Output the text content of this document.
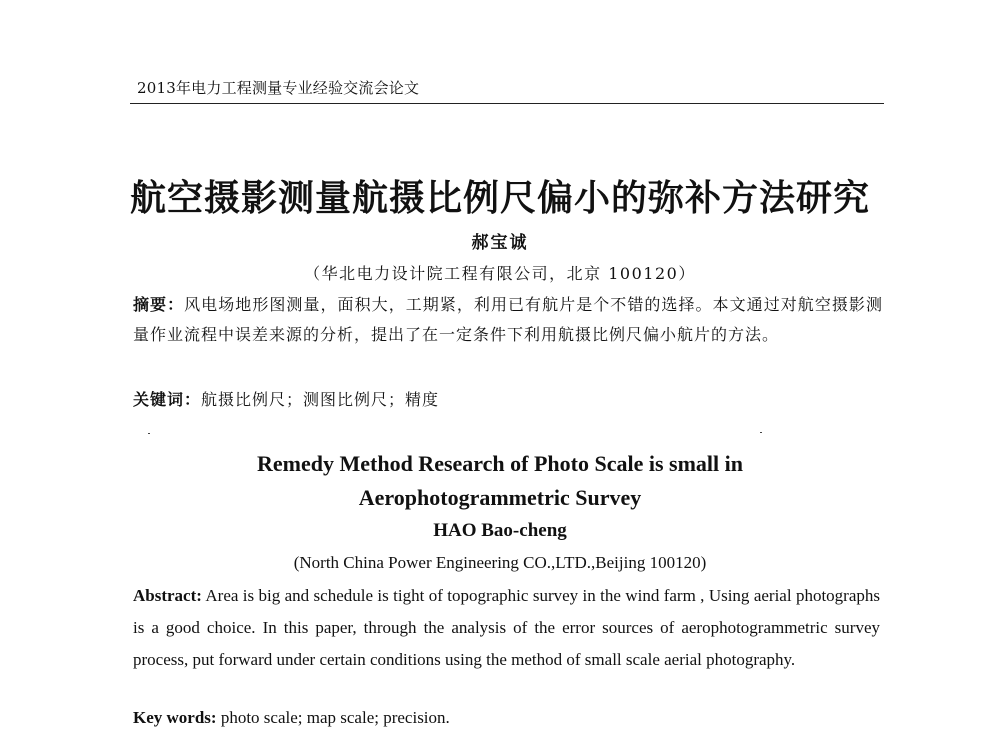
2013年电力工程测量专业经验交流会论文
航空摄影测量航摄比例尺偏小的弥补方法研究
郝宝诚
（华北电力设计院工程有限公司，北京 100120）
摘要：风电场地形图测量，面积大，工期紧，利用已有航片是个不错的选择。本文通过对航空摄影测量作业流程中误差来源的分析，提出了在一定条件下利用航摄比例尺偏小航片的方法。
关键词：航摄比例尺；测图比例尺；精度
Remedy Method Research of Photo Scale is small in Aerophotogrammetric Survey
HAO Bao-cheng
(North China Power Engineering CO.,LTD.,Beijing 100120)
Abstract: Area is big and schedule is tight of topographic survey in the wind farm , Using aerial photographs is a good choice. In this paper, through the analysis of the error sources of aerophotogrammetric survey process, put forward under certain conditions using the method of small scale aerial photography.
Key words: photo scale; map scale; precision.
